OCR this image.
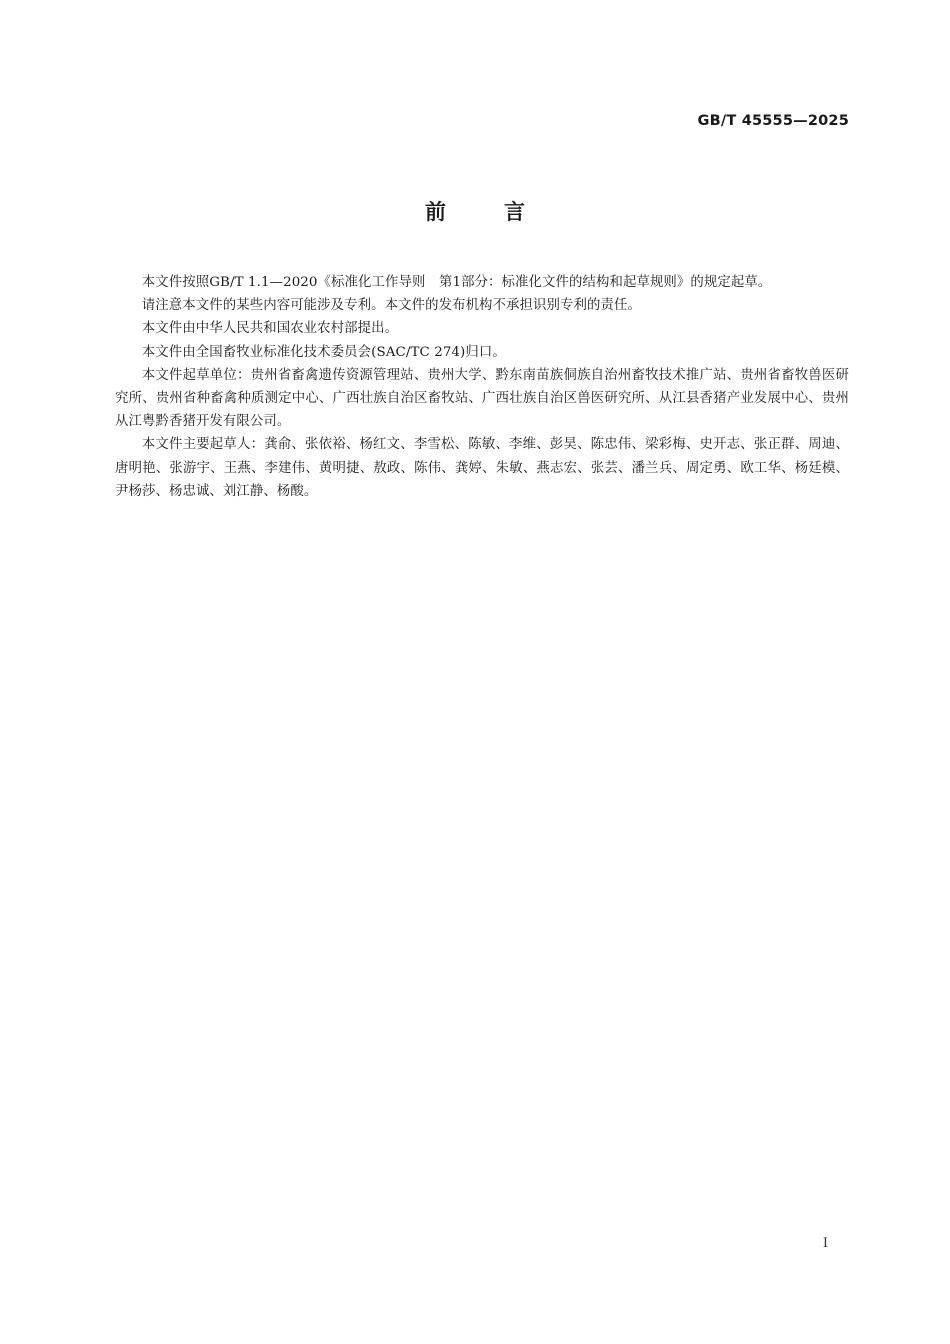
GB/T 45555—2025
前言

本文件按照GB/T 1.1—2020《标准化工作导则　第1部分：标准化文件的结构和起草规则》的规定起草。

请注意本文件的某些内容可能涉及专利。本文件的发布机构不承担识别专利的责任。

本文件由中华人民共和国农业农村部提出。

本文件由全国畜牧业标准化技术委员会(SAC/TC 274)归口。

本文件起草单位：贵州省畜禽遗传资源管理站、贵州大学、黔东南苗族侗族自治州畜牧技术推广站、贵州省畜牧兽医研究所、贵州省种畜禽种质测定中心、广西壮族自治区畜牧站、广西壮族自治区兽医研究所、从江县香猪产业发展中心、贵州从江粤黔香猪开发有限公司。

本文件主要起草人：龚俞、张依裕、杨红文、李雪松、陈敏、李维、彭昊、陈忠伟、梁彩梅、史开志、张正群、周迪、唐明艳、张游宇、王燕、李建伟、黄明捷、敖政、陈伟、龚婷、朱敏、燕志宏、张芸、潘兰兵、周定勇、欧工华、杨廷模、尹杨莎、杨忠诚、刘江静、杨酸。

I
